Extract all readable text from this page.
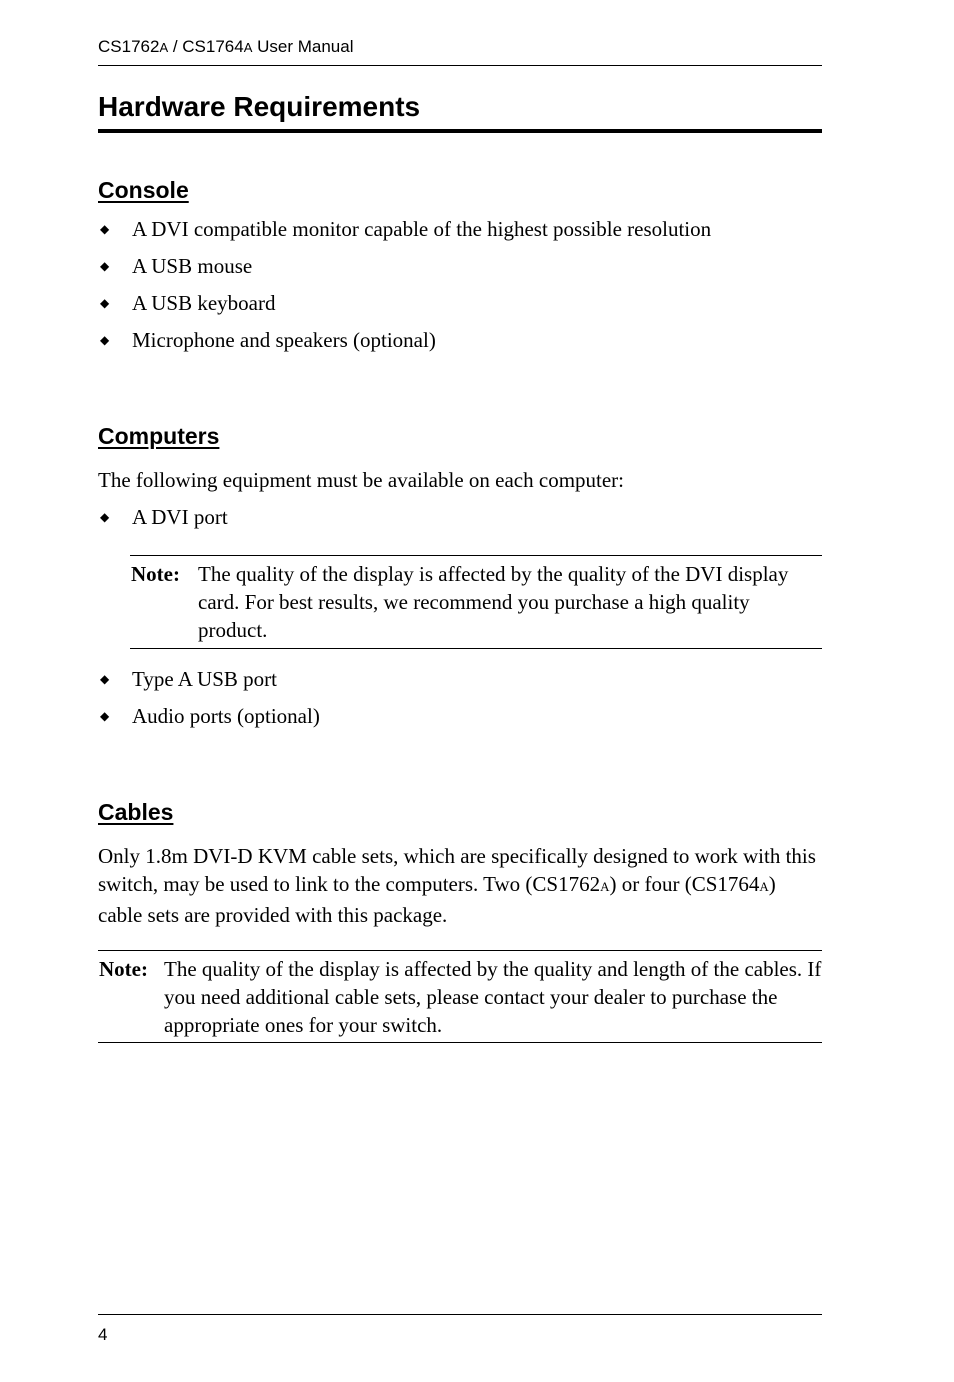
CS1762A / CS1764A User Manual
Hardware Requirements
Console
◆ A DVI compatible monitor capable of the highest possible resolution
◆ A USB mouse
◆ A USB keyboard
◆ Microphone and speakers (optional)
Computers

The following equipment must be available on each computer:

◆ A DVI port
Note: The quality of the display is affected by the quality of the DVI display card. For best results, we recommend you purchase a high quality product.
◆ Type A USB port
◆ Audio ports (optional)
Cables

Only 1.8m DVI-D KVM cable sets, which are specifically designed to work with this switch, may be used to link to the computers. Two (CS1762A) or four (CS1764A) cable sets are provided with this package.

Note: The quality of the display is affected by the quality and length of the cables. If you need additional cable sets, please contact your dealer to purchase the appropriate ones for your switch.
4
